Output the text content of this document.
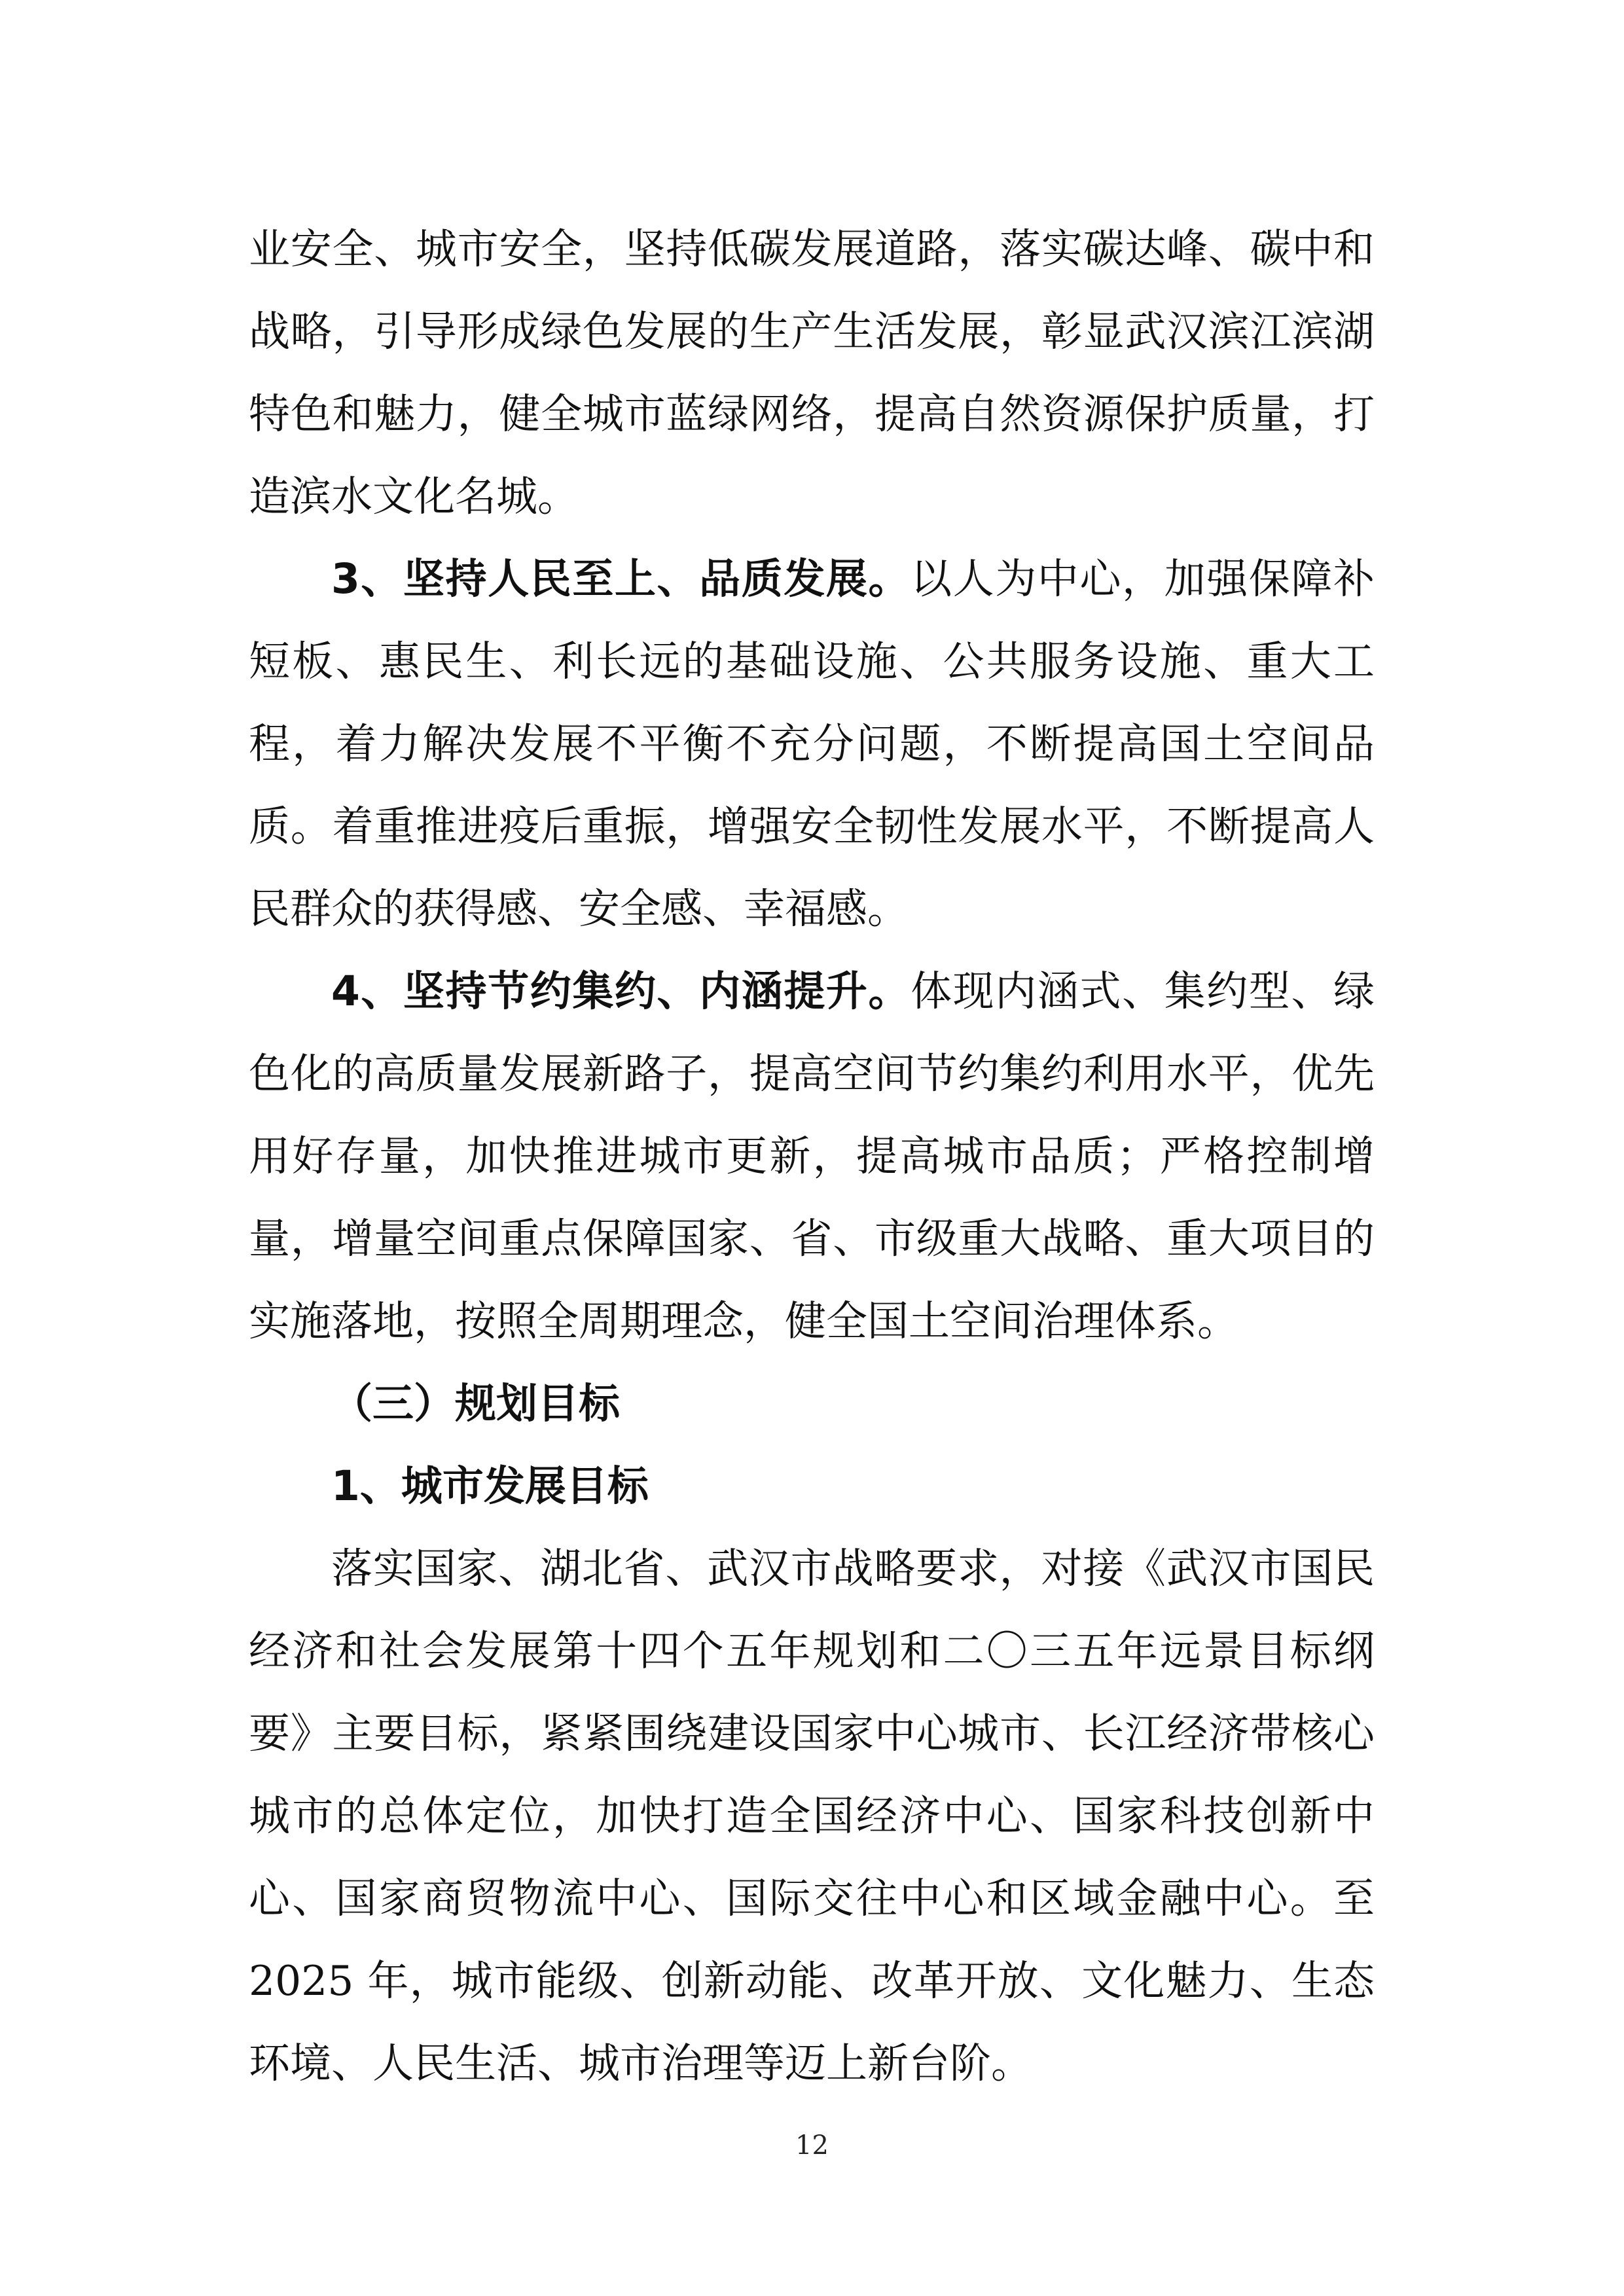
业安全、城市安全，坚持低碳发展道路，落实碳达峰、碳中和战略，引导形成绿色发展的生产生活发展，彰显武汉滨江滨湖特色和魅力，健全城市蓝绿网络，提高自然资源保护质量，打造滨水文化名城。

3、坚持人民至上、品质发展。以人为中心，加强保障补短板、惠民生、利长远的基础设施、公共服务设施、重大工程，着力解决发展不平衡不充分问题，不断提高国土空间品质。着重推进疫后重振，增强安全韧性发展水平，不断提高人民群众的获得感、安全感、幸福感。

4、坚持节约集约、内涵提升。体现内涵式、集约型、绿色化的高质量发展新路子，提高空间节约集约利用水平，优先用好存量，加快推进城市更新，提高城市品质；严格控制增量，增量空间重点保障国家、省、市级重大战略、重大项目的实施落地，按照全周期理念，健全国土空间治理体系。

（三）规划目标

1、城市发展目标

落实国家、湖北省、武汉市战略要求，对接《武汉市国民经济和社会发展第十四个五年规划和二〇三五年远景目标纲要》主要目标，紧紧围绕建设国家中心城市、长江经济带核心城市的总体定位，加快打造全国经济中心、国家科技创新中心、国家商贸物流中心、国际交往中心和区域金融中心。至 2025 年，城市能级、创新动能、改革开放、文化魅力、生态环境、人民生活、城市治理等迈上新台阶。

12
